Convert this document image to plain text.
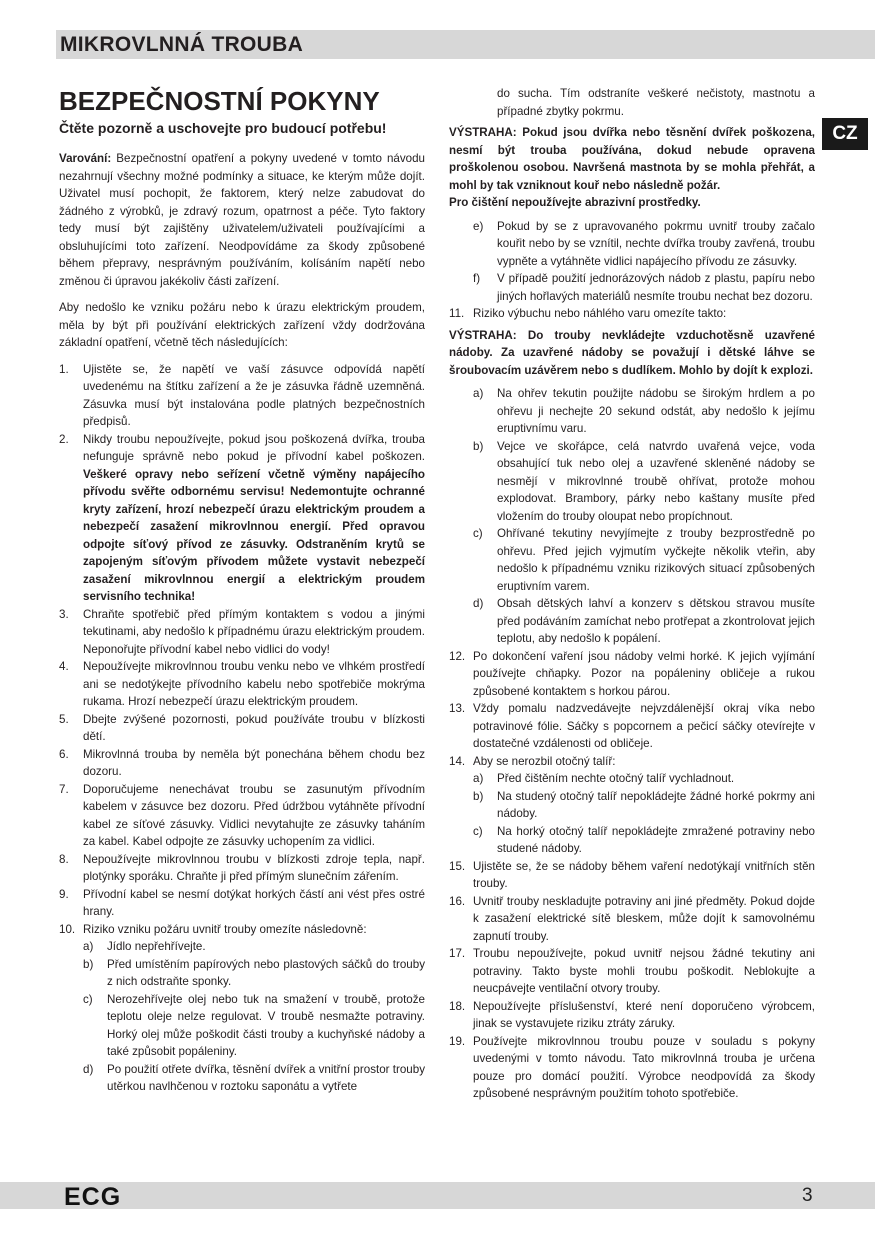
MIKROVLNNÁ TROUBA
CZ
BEZPEČNOSTNÍ POKYNY
Čtěte pozorně a uschovejte pro budoucí potřebu!

Varování: Bezpečnostní opatření a pokyny uvedené v tomto návodu nezahrnují všechny možné podmínky a situace, ke kterým může dojít. Uživatel musí pochopit, že faktorem, který nelze zabudovat do žádného z výrobků, je zdravý rozum, opatrnost a péče. Tyto faktory tedy musí být zajištěny uživatelem/uživateli používajícími a obsluhujícími toto zařízení. Neodpovídáme za škody způsobené během přepravy, nesprávným používáním, kolísáním napětí nebo změnou či úpravou jakékoliv části zařízení.

Aby nedošlo ke vzniku požáru nebo k úrazu elektrickým proudem, měla by být při používání elektrických zařízení vždy dodržována základní opatření, včetně těch následujících:

1.	Ujistěte se, že napětí ve vaší zásuvce odpovídá napětí uvedenému na štítku zařízení a že je zásuvka řádně uzemněná. Zásuvka musí být instalována podle platných bezpečnostních předpisů.
2.	Nikdy troubu nepoužívejte, pokud jsou poškozená dvířka, trouba nefunguje správně nebo pokud je přívodní kabel poškozen. Veškeré opravy nebo seřízení včetně výměny napájecího přívodu svěřte odbornému servisu! Nedemontujte ochranné kryty zařízení, hrozí nebezpečí úrazu elektrickým proudem a nebezpečí zasažení mikrovlnnou energií. Před opravou odpojte síťový přívod ze zásuvky. Odstraněním krytů se zapojeným síťovým přívodem můžete vystavit nebezpečí zasažení mikrovlnnou energií a elektrickým proudem servisního technika!
3.	Chraňte spotřebič před přímým kontaktem s vodou a jinými tekutinami, aby nedošlo k případnému úrazu elektrickým proudem. Neponořujte přívodní kabel nebo vidlici do vody!
4.	Nepoužívejte mikrovlnnou troubu venku nebo ve vlhkém prostředí ani se nedotýkejte přívodního kabelu nebo spotřebiče mokrýma rukama. Hrozí nebezpečí úrazu elektrickým proudem.
5.	Dbejte zvýšené pozornosti, pokud používáte troubu v blízkosti dětí.
6.	Mikrovlnná trouba by neměla být ponechána během chodu bez dozoru.
7.	Doporučujeme nenechávat troubu se zasunutým přívodním kabelem v zásuvce bez dozoru. Před údržbou vytáhněte přívodní kabel ze síťové zásuvky. Vidlici nevytahujte ze zásuvky taháním za kabel. Kabel odpojte ze zásuvky uchopením za vidlici.
8.	Nepoužívejte mikrovlnnou troubu v blízkosti zdroje tepla, např. plotýnky sporáku. Chraňte ji před přímým slunečním zářením.
9.	Přívodní kabel se nesmí dotýkat horkých částí ani vést přes ostré hrany.
10. Riziko vzniku požáru uvnitř trouby omezíte následovně:
a)	Jídlo nepřehřívejte.
b)	Před umístěním papírových nebo plastových sáčků do trouby z nich odstraňte sponky.
c)	Nerozehřívejte olej nebo tuk na smažení v troubě, protože teplotu oleje nelze regulovat. V troubě nesmažte potraviny. Horký olej může poškodit části trouby a kuchyňské nádoby a také způsobit popáleniny.
d)	Po použití otřete dvířka, těsnění dvířek a vnitřní prostor trouby utěrkou navlhčenou v roztoku saponátu a vytřete
do sucha. Tím odstraníte veškeré nečistoty, mastnotu a případné zbytky pokrmu.
VÝSTRAHA: Pokud jsou dvířka nebo těsnění dvířek poškozena, nesmí být trouba používána, dokud nebude opravena proškolenou osobou. Navršená mastnota by se mohla přehřát, a mohl by tak vzniknout kouř nebo následně požár.
Pro čištění nepoužívejte abrazivní prostředky.
e)	Pokud by se z upravovaného pokrmu uvnitř trouby začalo kouřit nebo by se vznítil, nechte dvířka trouby zavřená, troubu vypněte a vytáhněte vidlici napájecího přívodu ze zásuvky.
f)	V případě použití jednorázových nádob z plastu, papíru nebo jiných hořlavých materiálů nesmíte troubu nechat bez dozoru.
11. Riziko výbuchu nebo náhlého varu omezíte takto:
VÝSTRAHA: Do trouby nevkládejte vzduchotěsně uzavřené nádoby. Za uzavřené nádoby se považují i dětské láhve se šroubovacím uzávěrem nebo s dudlíkem. Mohlo by dojít k explozi.
a)	Na ohřev tekutin použijte nádobu se širokým hrdlem a po ohřevu ji nechejte 20 sekund odstát, aby nedošlo k jejímu eruptivnímu varu.
b)	Vejce ve skořápce, celá natvrdo uvařená vejce, voda obsahující tuk nebo olej a uzavřené skleněné nádoby se nesmějí v mikrovlnné troubě ohřívat, protože mohou explodovat. Brambory, párky nebo kaštany musíte před vložením do trouby oloupat nebo propíchnout.
c)	Ohřívané tekutiny nevyjímejte z trouby bezprostředně po ohřevu. Před jejich vyjmutím vyčkejte několik vteřin, aby nedošlo k případnému vzniku rizikových situací způsobených eruptivním varem.
d)	Obsah dětských lahví a konzerv s dětskou stravou musíte před podáváním zamíchat nebo protřepat a zkontrolovat jejich teplotu, aby nedošlo k popálení.
12. Po dokončení vaření jsou nádoby velmi horké. K jejich vyjímání používejte chňapky. Pozor na popáleniny obličeje a rukou způsobené kontaktem s horkou párou.
13. Vždy pomalu nadzvedávejte nejvzdálenější okraj víka nebo potravinové fólie. Sáčky s popcornem a pečicí sáčky otevírejte v dostatečné vzdálenosti od obličeje.
14. Aby se nerozbil otočný talíř:
a)	Před čištěním nechte otočný talíř vychladnout.
b)	Na studený otočný talíř nepokládejte žádné horké pokrmy ani nádoby.
c)	Na horký otočný talíř nepokládejte zmražené potraviny nebo studené nádoby.
15. Ujistěte se, že se nádoby během vaření nedotýkají vnitřních stěn trouby.
16. Uvnitř trouby neskladujte potraviny ani jiné předměty. Pokud dojde k zasažení elektrické sítě bleskem, může dojít k samovolnému zapnutí trouby.
17. Troubu nepoužívejte, pokud uvnitř nejsou žádné tekutiny ani potraviny. Takto byste mohli troubu poškodit. Neblokujte a neucpávejte ventilační otvory trouby.
18. Nepoužívejte příslušenství, které není doporučeno výrobcem, jinak se vystavujete riziku ztráty záruky.
19. Používejte mikrovlnnou troubu pouze v souladu s pokyny uvedenými v tomto návodu. Tato mikrovlnná trouba je určena pouze pro domácí použití. Výrobce neodpovídá za škody způsobené nesprávným použitím tohoto spotřebiče.
ECG	3
